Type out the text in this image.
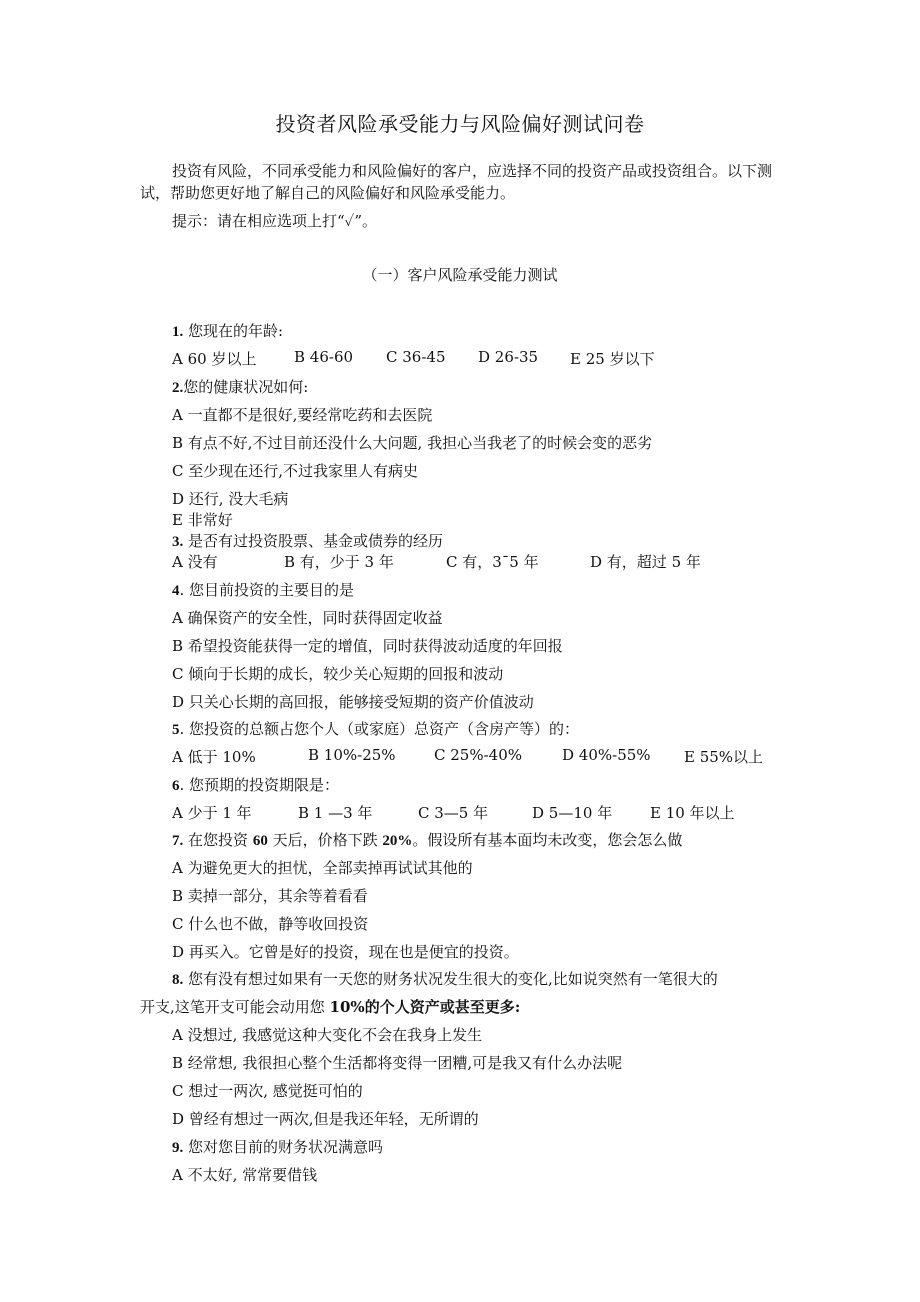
投资者风险承受能力与风险偏好测试问卷
投资有风险，不同承受能力和风险偏好的客户，应选择不同的投资产品或投资组合。以下测试，帮助您更好地了解自己的风险偏好和风险承受能力。
提示：请在相应选项上打“✓”。
（一）客户风险承受能力测试
1. 您现在的年龄:
A 60 岁以上	B 46-60 C 36-45 D 26-35 E 25 岁以下
2.您的健康状况如何:
A 一直都不是很好,要经常吃药和去医院
B 有点不好,不过目前还没什么大问题, 我担心当我老了的时候会变的恶劣
C 至少现在还行,不过我家里人有病史
D 还行, 没大毛病
E 非常好
3. 是否有过投资股票、基金或债券的经历
A 没有	B 有，少于 3 年	C 有，3¯5 年	D 有，超过 5 年
4. 您目前投资的主要目的是
A 确保资产的安全性，同时获得固定收益
B 希望投资能获得一定的增值，同时获得波动适度的年回报
C 倾向于长期的成长，较少关心短期的回报和波动
D 只关心长期的高回报，能够接受短期的资产价值波动
5. 您投资的总额占您个人（或家庭）总资产（含房产等）的：
A 低于 10%	B 10%-25%	C 25%-40%	D 40%-55% E 55%以上
6. 您预期的投资期限是：
A 少于 1 年	B 1 —3 年	C 3—5 年	D 5—10 年	E 10 年以上
7. 在您投资 60 天后，价格下跌 20%。假设所有基本面均未改变，您会怎么做
A 为避免更大的担忧，全部卖掉再试试其他的
B 卖掉一部分，其余等着看看
C 什么也不做，静等收回投资
D 再买入。它曾是好的投资，现在也是便宜的投资。
8. 您有没有想过如果有一天您的财务状况发生很大的变化,比如说突然有一笔很大的
开支,这笔开支可能会动用您 10%的个人资产或甚至更多:
A 没想过, 我感觉这种大变化不会在我身上发生
B 经常想, 我很担心整个生活都将变得一团糟,可是我又有什么办法呢
C 想过一两次, 感觉挺可怕的
D 曾经有想过一两次,但是我还年轻，无所谓的
9. 您对您目前的财务状况满意吗
A 不太好, 常常要借钱
